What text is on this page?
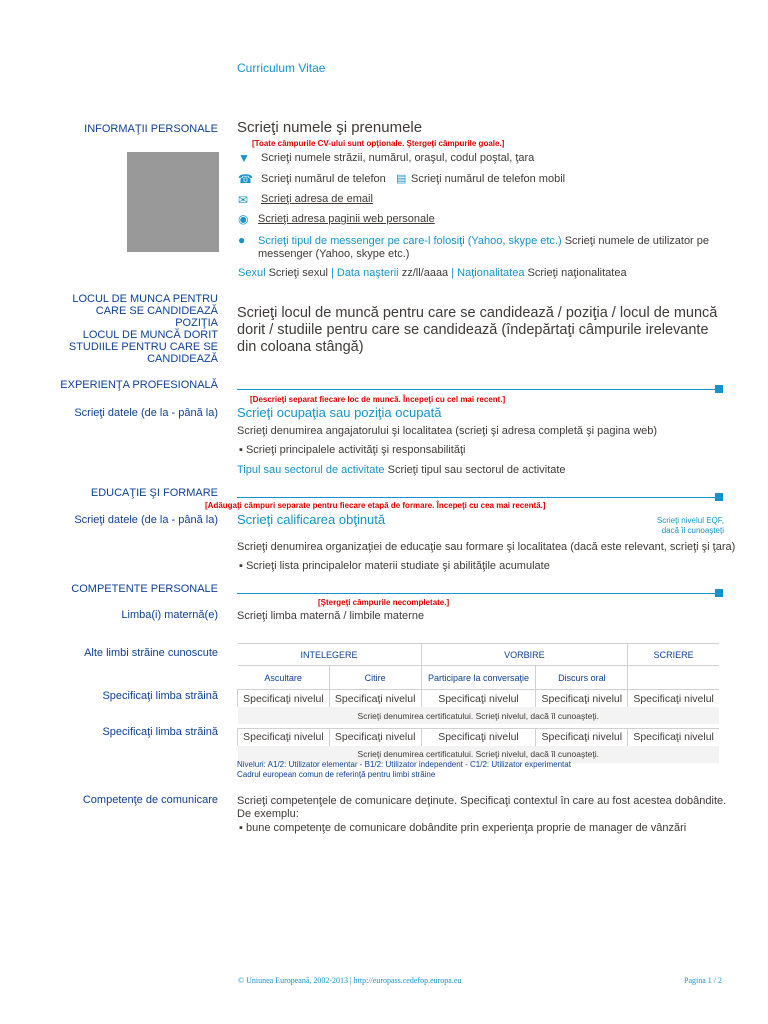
Curriculum Vitae
INFORMAŢII PERSONALE Scrieţi numele şi prenumele
[Toate câmpurile CV-ului sunt opţionale. Ştergeţi câmpurile goale.]
▼ Scrieţi numele străzii, numărul, oraşul, codul poştal, ţara
☎ Scrieţi numărul de telefon ▤ Scrieţi numărul de telefon mobil
✉ Scrieţi adresa de email
◉ Scrieţi adresa paginii web personale
● Scrieţi tipul de messenger pe care-l folosiţi (Yahoo, skype etc.) Scrieţi numele de utilizator pe messenger (Yahoo, skype etc.)
Sexul Scrieţi sexul | Data naşterii zz/ll/aaaa | Naţionalitatea Scrieţi naţionalitatea
LOCUL DE MUNCA PENTRU
CARE SE CANDIDEAZĂ
POZIŢIA
LOCUL DE MUNCĂ DORIT
STUDIILE PENTRU CARE SE
CANDIDEAZĂ
Scrieţi locul de muncă pentru care se candidează / poziţia / locul de muncă dorit / studiile pentru care se candidează (îndepărtaţi câmpurile irelevante din coloana stângă)
EXPERIENŢA PROFESIONALĂ
[Descrieţi separat fiecare loc de muncă. Începeţi cu cel mai recent.]
Scrieţi datele (de la - până la) Scrieţi ocupaţia sau poziţia ocupată
Scrieţi denumirea angajatorului şi localitatea (scrieţi şi adresa completă şi pagina web)
▪ Scrieţi principalele activităţi şi responsabilităţi
Tipul sau sectorul de activitate Scrieţi tipul sau sectorul de activitate
EDUCAŢIE ŞI FORMARE
[Adăugaţi câmpuri separate pentru fiecare etapă de formare. Începeţi cu cea mai recentă.]
Scrieţi datele (de la - până la) Scrieţi calificarea obţinută	Scrieţi nivelul EQF,
dacă îl cunoaşteţi
Scrieţi denumirea organizaţiei de educaţie sau formare şi localitatea (dacă este relevant, scrieţi şi ţara)
▪ Scrieţi lista principalelor materii studiate şi abilităţile acumulate
COMPETENTE PERSONALE
[Ştergeţi câmpurile necompletate.]
Limba(i) maternă(e) Scrieţi limba maternă / limbile materne
Alte limbi străine cunoscute
Specificaţi limba străină
Specificaţi limba străină
INTELEGERE		VORBIRE		SCRIERE
Ascultare	Citire	Participare la conversaţie	Discurs oral	
Specificaţi nivelul	Specificaţi nivelul	Specificaţi nivelul	Specificaţi nivelul	Specificaţi nivelul
Scrieţi denumirea certificatului. Scrieţi nivelul, dacă îl cunoaşteţi.				

Specificaţi nivelul	Specificaţi nivelul	Specificaţi nivelul	Specificaţi nivelul	Specificaţi nivelul
Scrieţi denumirea certificatului. Scrieţi nivelul, dacă îl cunoaşteţi.				
Niveluri: A1/2: Utilizator elementar - B1/2: Utilizator independent - C1/2: Utilizator experimentat
Cadrul european comun de referinţă pentru limbi străine
Competenţe de comunicare Scrieţi competenţele de comunicare deţinute. Specificaţi contextul în care au fost acestea dobândite. De exemplu:
▪ bune competenţe de comunicare dobândite prin experienţa proprie de manager de vânzări
© Uniunea Europeană, 2002-2013 | http://europass.cedefop.europa.eu	Pagina 1 / 2
